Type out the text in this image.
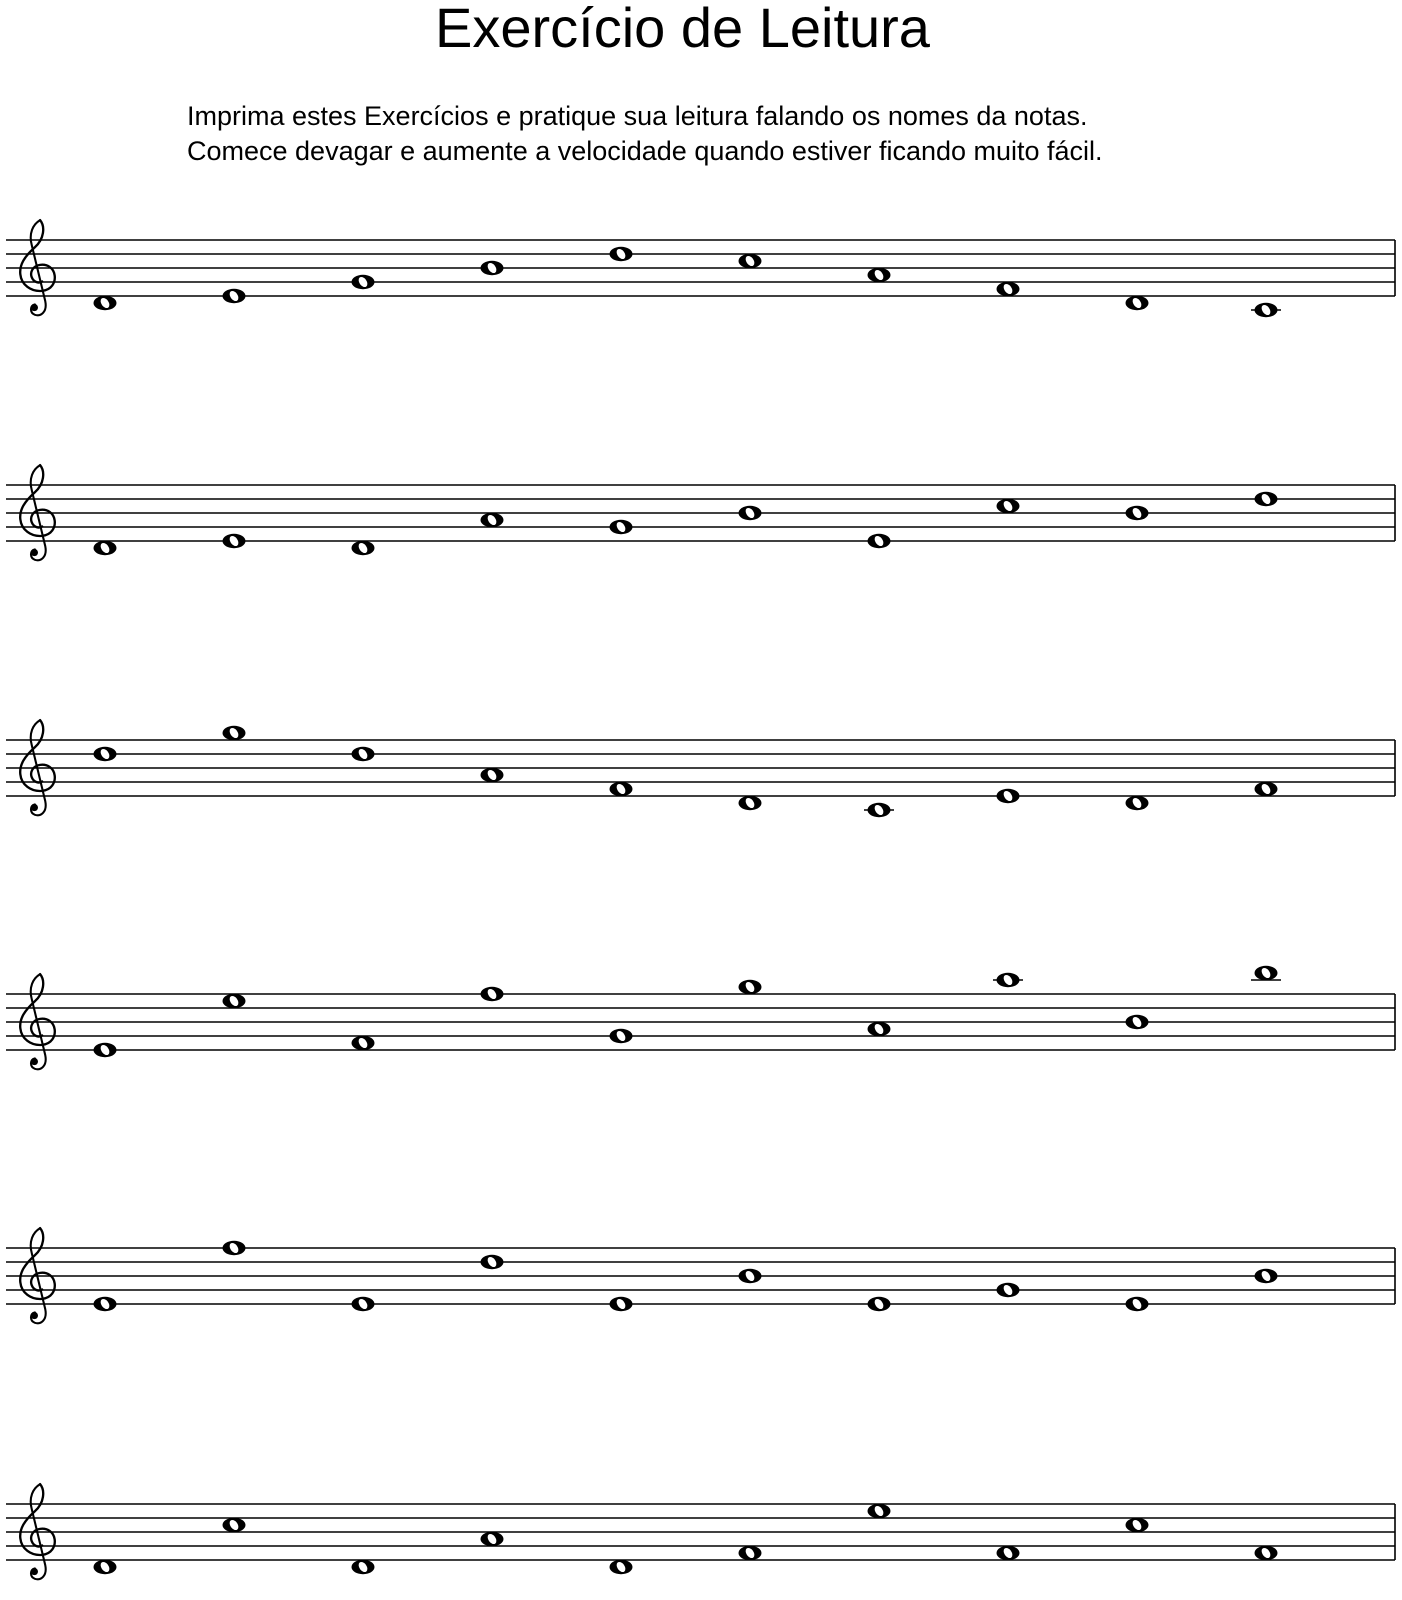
Exercício de Leitura
Imprima estes Exercícios e pratique sua leitura falando os nomes da notas.
Comece devagar e aumente a velocidade quando estiver ficando muito fácil.
